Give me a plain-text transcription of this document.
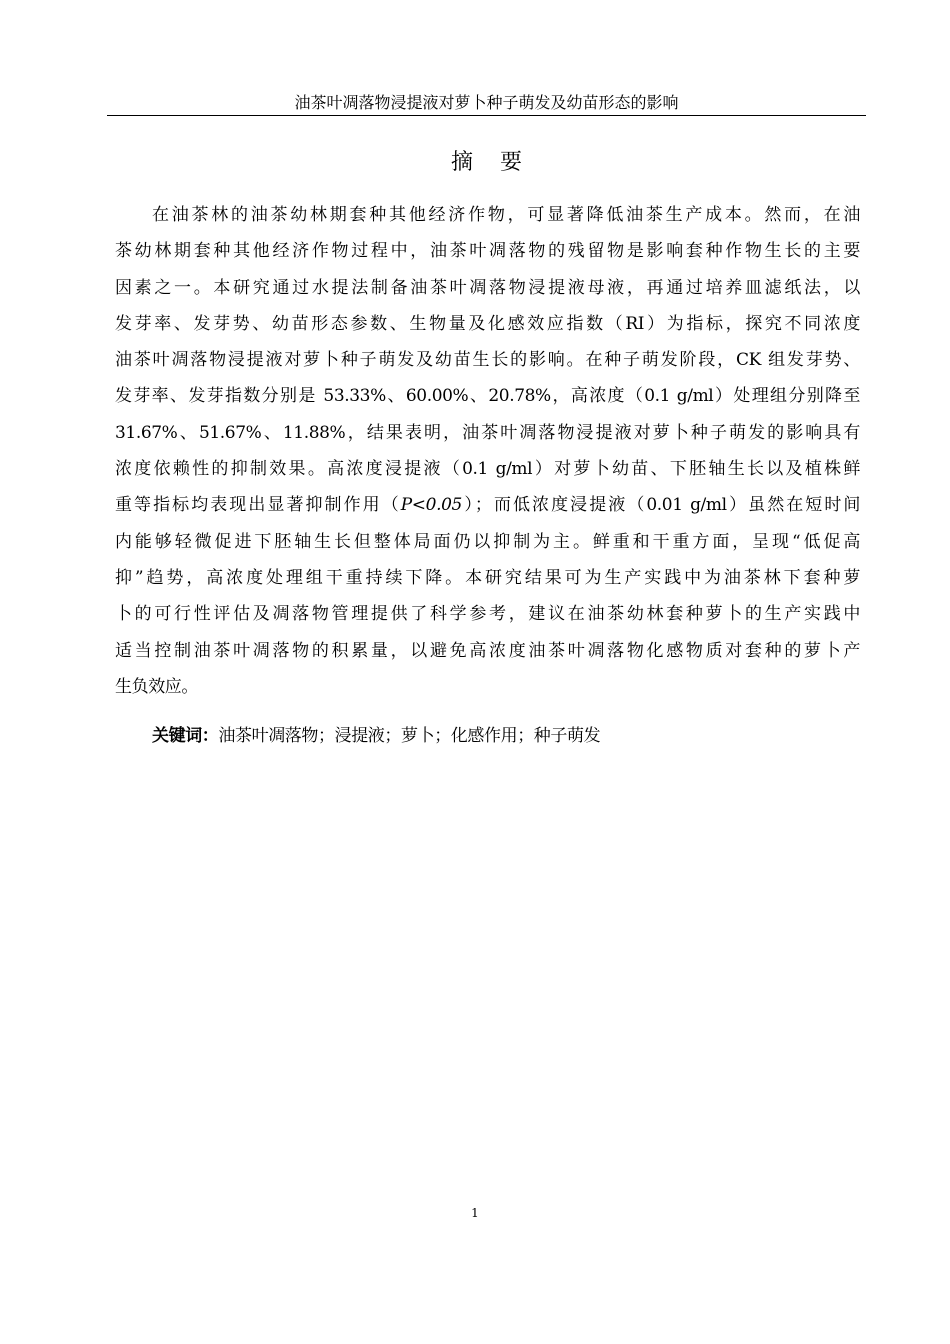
油茶叶凋落物浸提液对萝卜种子萌发及幼苗形态的影响
摘 要
在油茶林的油茶幼林期套种其他经济作物，可显著降低油茶生产成本。然而，在油
茶幼林期套种其他经济作物过程中，油茶叶凋落物的残留物是影响套种作物生长的主要
因素之一。本研究通过水提法制备油茶叶凋落物浸提液母液，再通过培养皿滤纸法，以
发芽率、发芽势、幼苗形态参数、生物量及化感效应指数（RI）为指标，探究不同浓度
油茶叶凋落物浸提液对萝卜种子萌发及幼苗生长的影响。在种子萌发阶段，CK 组发芽势、
发芽率、发芽指数分别是 53.33%、60.00%、20.78%，高浓度（0.1 g/ml）处理组分别降至
31.67%、51.67%、11.88%，结果表明，油茶叶凋落物浸提液对萝卜种子萌发的影响具有
浓度依赖性的抑制效果。高浓度浸提液（0.1 g/ml）对萝卜幼苗、下胚轴生长以及植株鲜
重等指标均表现出显著抑制作用（P<0.05）；而低浓度浸提液（0.01 g/ml）虽然在短时间
内能够轻微促进下胚轴生长但整体局面仍以抑制为主。鲜重和干重方面，呈现“低促高
抑”趋势，高浓度处理组干重持续下降。本研究结果可为生产实践中为油茶林下套种萝
卜的可行性评估及凋落物管理提供了科学参考，建议在油茶幼林套种萝卜的生产实践中
适当控制油茶叶凋落物的积累量，以避免高浓度油茶叶凋落物化感物质对套种的萝卜产
生负效应。
关键词：油茶叶凋落物；浸提液；萝卜；化感作用；种子萌发
1
